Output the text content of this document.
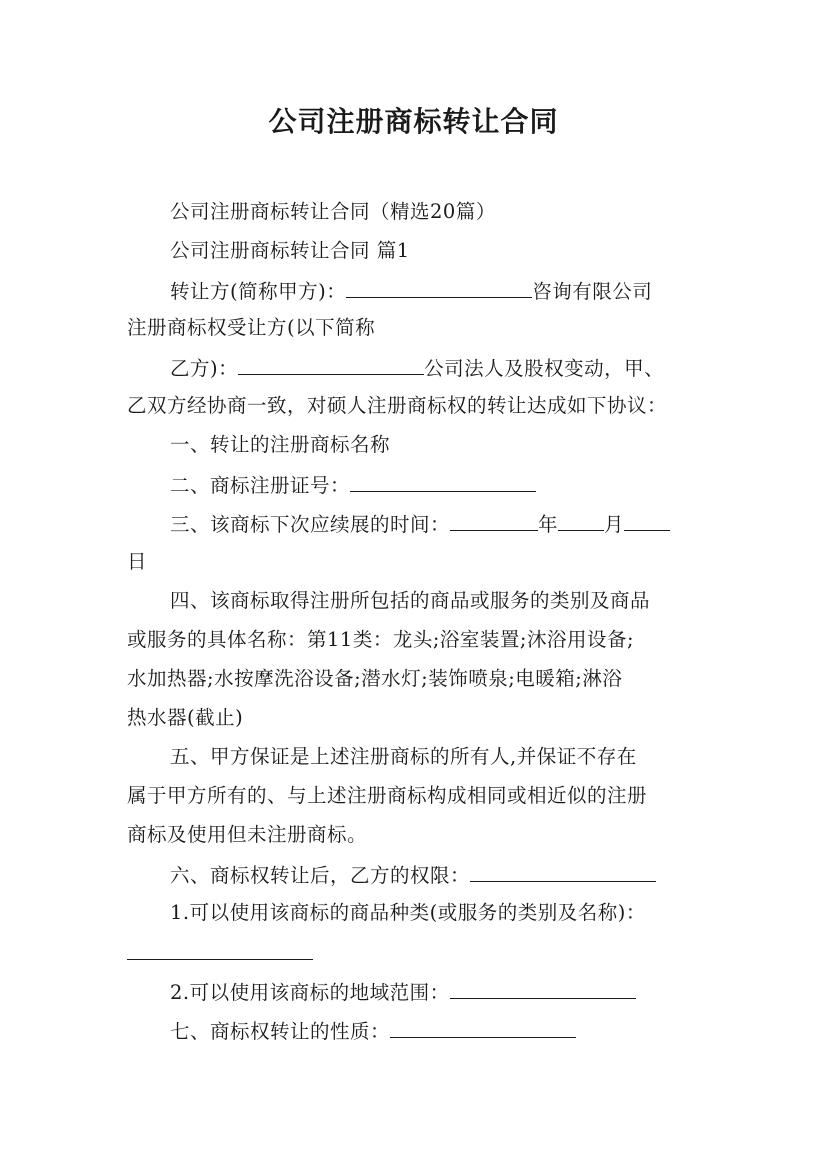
公司注册商标转让合同
公司注册商标转让合同（精选20篇）
公司注册商标转让合同 篇1
转让方(简称甲方)：	咨询有限公司
注册商标权受让方(以下简称
乙方)：	公司法人及股权变动，甲、
乙双方经协商一致，对硕人注册商标权的转让达成如下协议：
一、转让的注册商标名称
二、商标注册证号：
三、该商标下次应续展的时间：	年 月
日
四、该商标取得注册所包括的商品或服务的类别及商品
或服务的具体名称：第11类：龙头;浴室装置;沐浴用设备;
水加热器;水按摩洗浴设备;潜水灯;装饰喷泉;电暖箱;淋浴
热水器(截止)
五、甲方保证是上述注册商标的所有人,并保证不存在
属于甲方所有的、与上述注册商标构成相同或相近似的注册
商标及使用但未注册商标。
六、商标权转让后，乙方的权限：
1.可以使用该商标的商品种类(或服务的类别及名称)：
2.可以使用该商标的地域范围：
七、商标权转让的性质：
